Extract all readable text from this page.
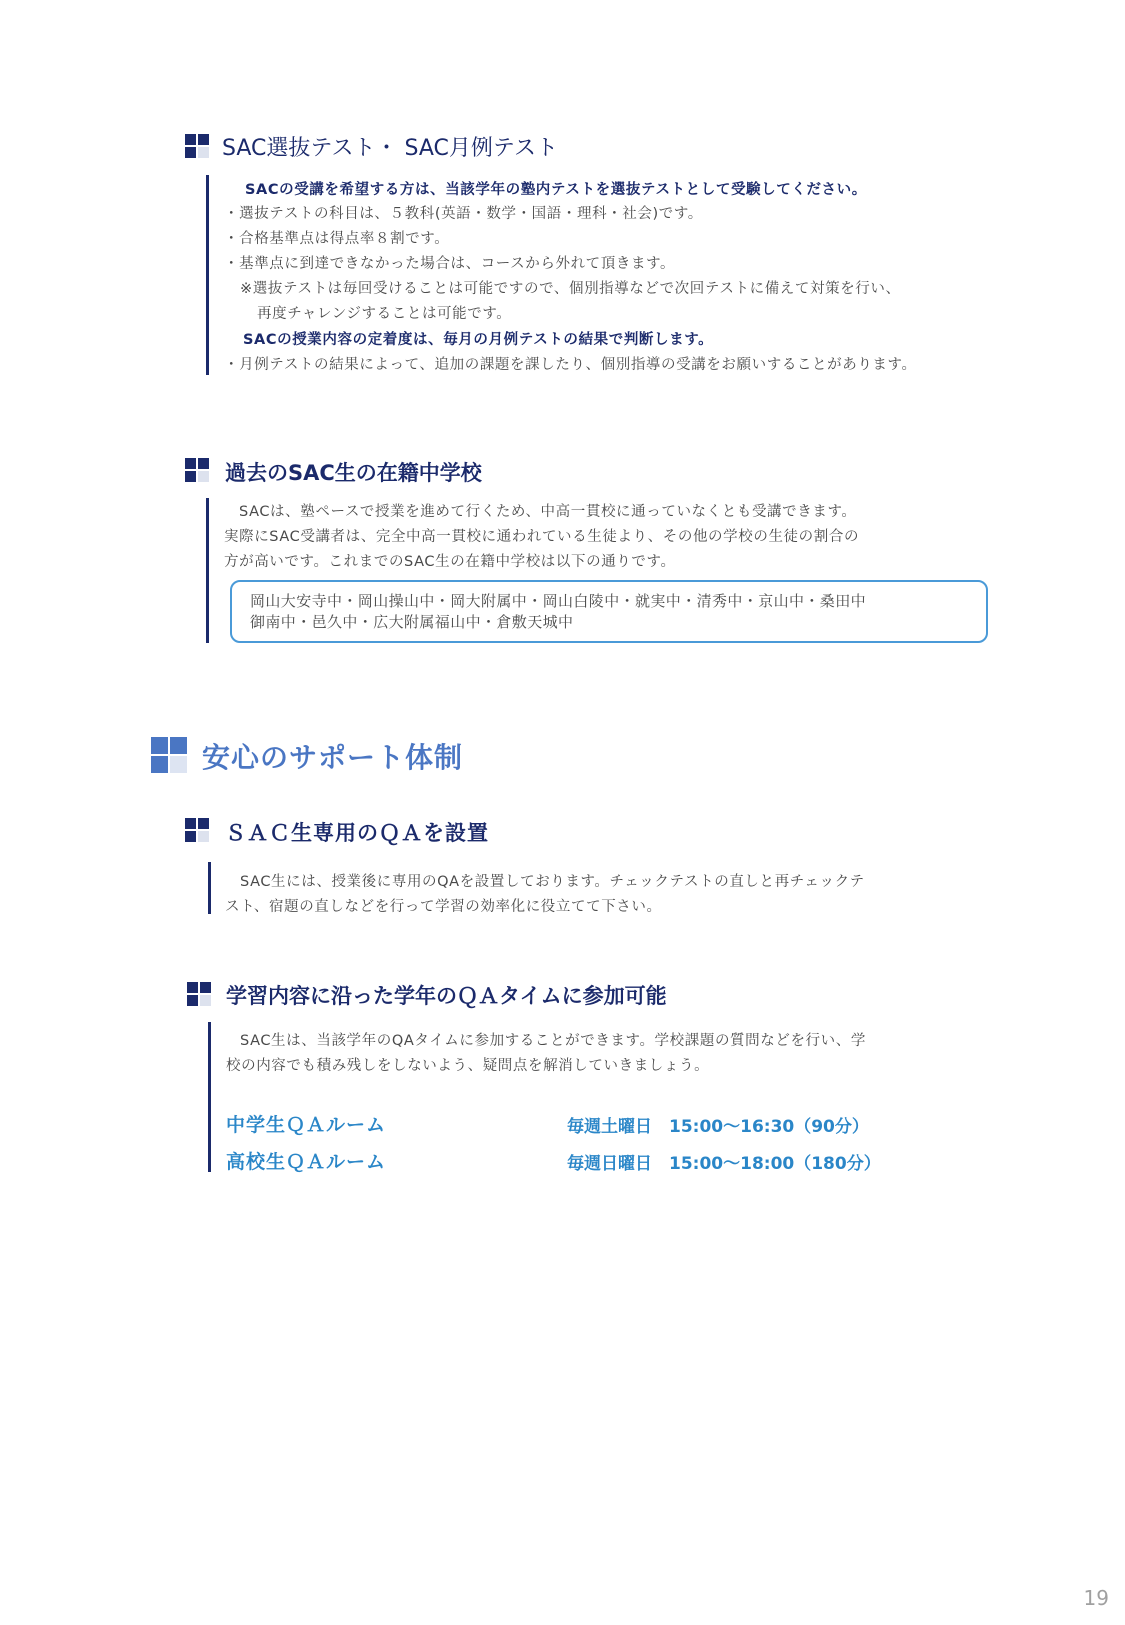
SAC選抜テスト・ SAC月例テスト
SACの受講を希望する方は、当該学年の塾内テストを選抜テストとして受験してください。
・選抜テストの科目は、５教科(英語・数学・国語・理科・社会)です。
・合格基準点は得点率８割です。
・基準点に到達できなかった場合は、コースから外れて頂きます。
※選抜テストは毎回受けることは可能ですので、個別指導などで次回テストに備えて対策を行い、
再度チャレンジすることは可能です。
SACの授業内容の定着度は、毎月の月例テストの結果で判断します。
・月例テストの結果によって、追加の課題を課したり、個別指導の受講をお願いすることがあります。
過去のSAC生の在籍中学校
SACは、塾ペースで授業を進めて行くため、中高一貫校に通っていなくとも受講できます。
実際にSAC受講者は、完全中高一貫校に通われている生徒より、その他の学校の生徒の割合の
方が高いです。これまでのSAC生の在籍中学校は以下の通りです。
岡山大安寺中・岡山操山中・岡大附属中・岡山白陵中・就実中・清秀中・京山中・桑田中
御南中・邑久中・広大附属福山中・倉敷天城中
安心のサポート体制
ＳＡＣ生専用のＱＡを設置
SAC生には、授業後に専用のQAを設置しております。チェックテストの直しと再チェックテ
スト、宿題の直しなどを行って学習の効率化に役立てて下さい。
学習内容に沿った学年のＱＡタイムに参加可能
SAC生は、当該学年のQAタイムに参加することができます。学校課題の質問などを行い、学
校の内容でも積み残しをしないよう、疑問点を解消していきましょう。
中学生ＱＡルーム	毎週土曜日　15:00～16:30（90分）
高校生ＱＡルーム	毎週日曜日　15:00～18:00（180分）
19
